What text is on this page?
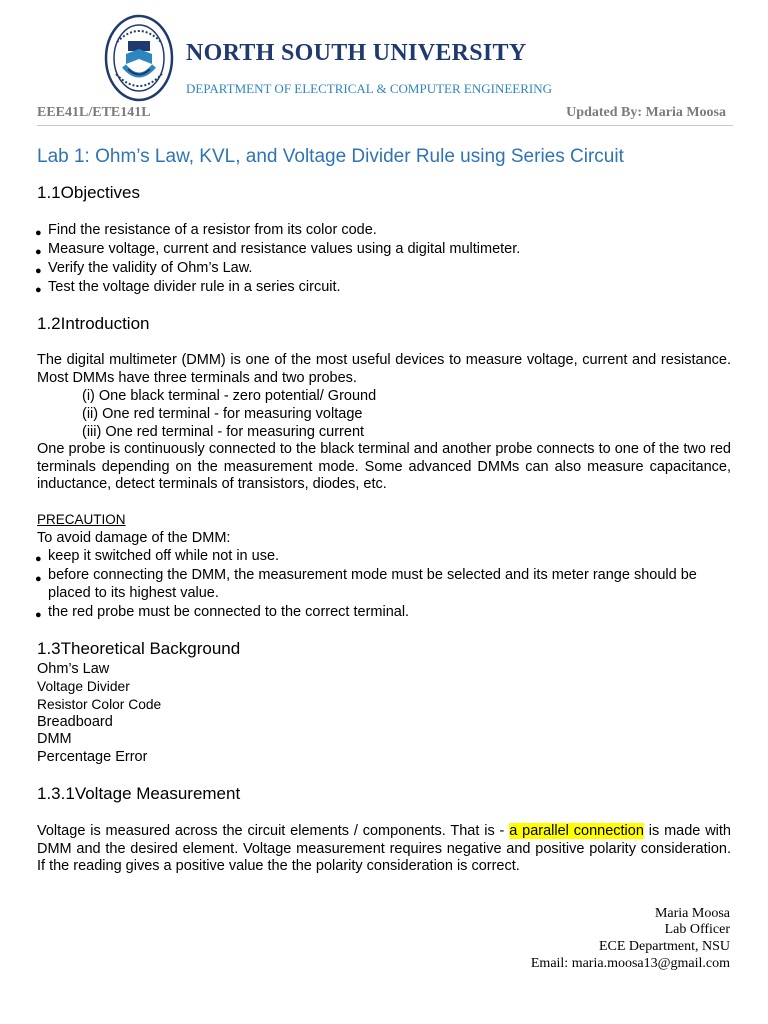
NORTH SOUTH UNIVERSITY
DEPARTMENT OF ELECTRICAL & COMPUTER ENGINEERING
EEE41L/ETE141L	Updated By: Maria Moosa
Lab 1: Ohm’s Law, KVL, and Voltage Divider Rule using Series Circuit
1.1Objectives
● Find the resistance of a resistor from its color code.
● Measure voltage, current and resistance values using a digital multimeter.
● Verify the validity of Ohm’s Law.
● Test the voltage divider rule in a series circuit.
1.2Introduction
The digital multimeter (DMM) is one of the most useful devices to measure voltage, current and resistance. Most DMMs have three terminals and two probes.
(i) One black terminal - zero potential/ Ground
(ii) One red terminal - for measuring voltage
(iii) One red terminal - for measuring current
One probe is continuously connected to the black terminal and another probe connects to one of the two red terminals depending on the measurement mode. Some advanced DMMs can also measure capacitance, inductance, detect terminals of transistors, diodes, etc.
PRECAUTION
To avoid damage of the DMM:
● keep it switched off while not in use.
● before connecting the DMM, the measurement mode must be selected and its meter range should be placed to its highest value.
● the red probe must be connected to the correct terminal.
1.3Theoretical Background
Ohm’s Law
Voltage Divider
Resistor Color Code
Breadboard
DMM
Percentage Error
1.3.1Voltage Measurement
Voltage is measured across the circuit elements / components. That is - a parallel connection is made with DMM and the desired element. Voltage measurement requires negative and positive polarity consideration. If the reading gives a positive value the the polarity consideration is correct.
Maria Moosa
Lab Officer
ECE Department, NSU
Email: maria.moosa13@gmail.com
